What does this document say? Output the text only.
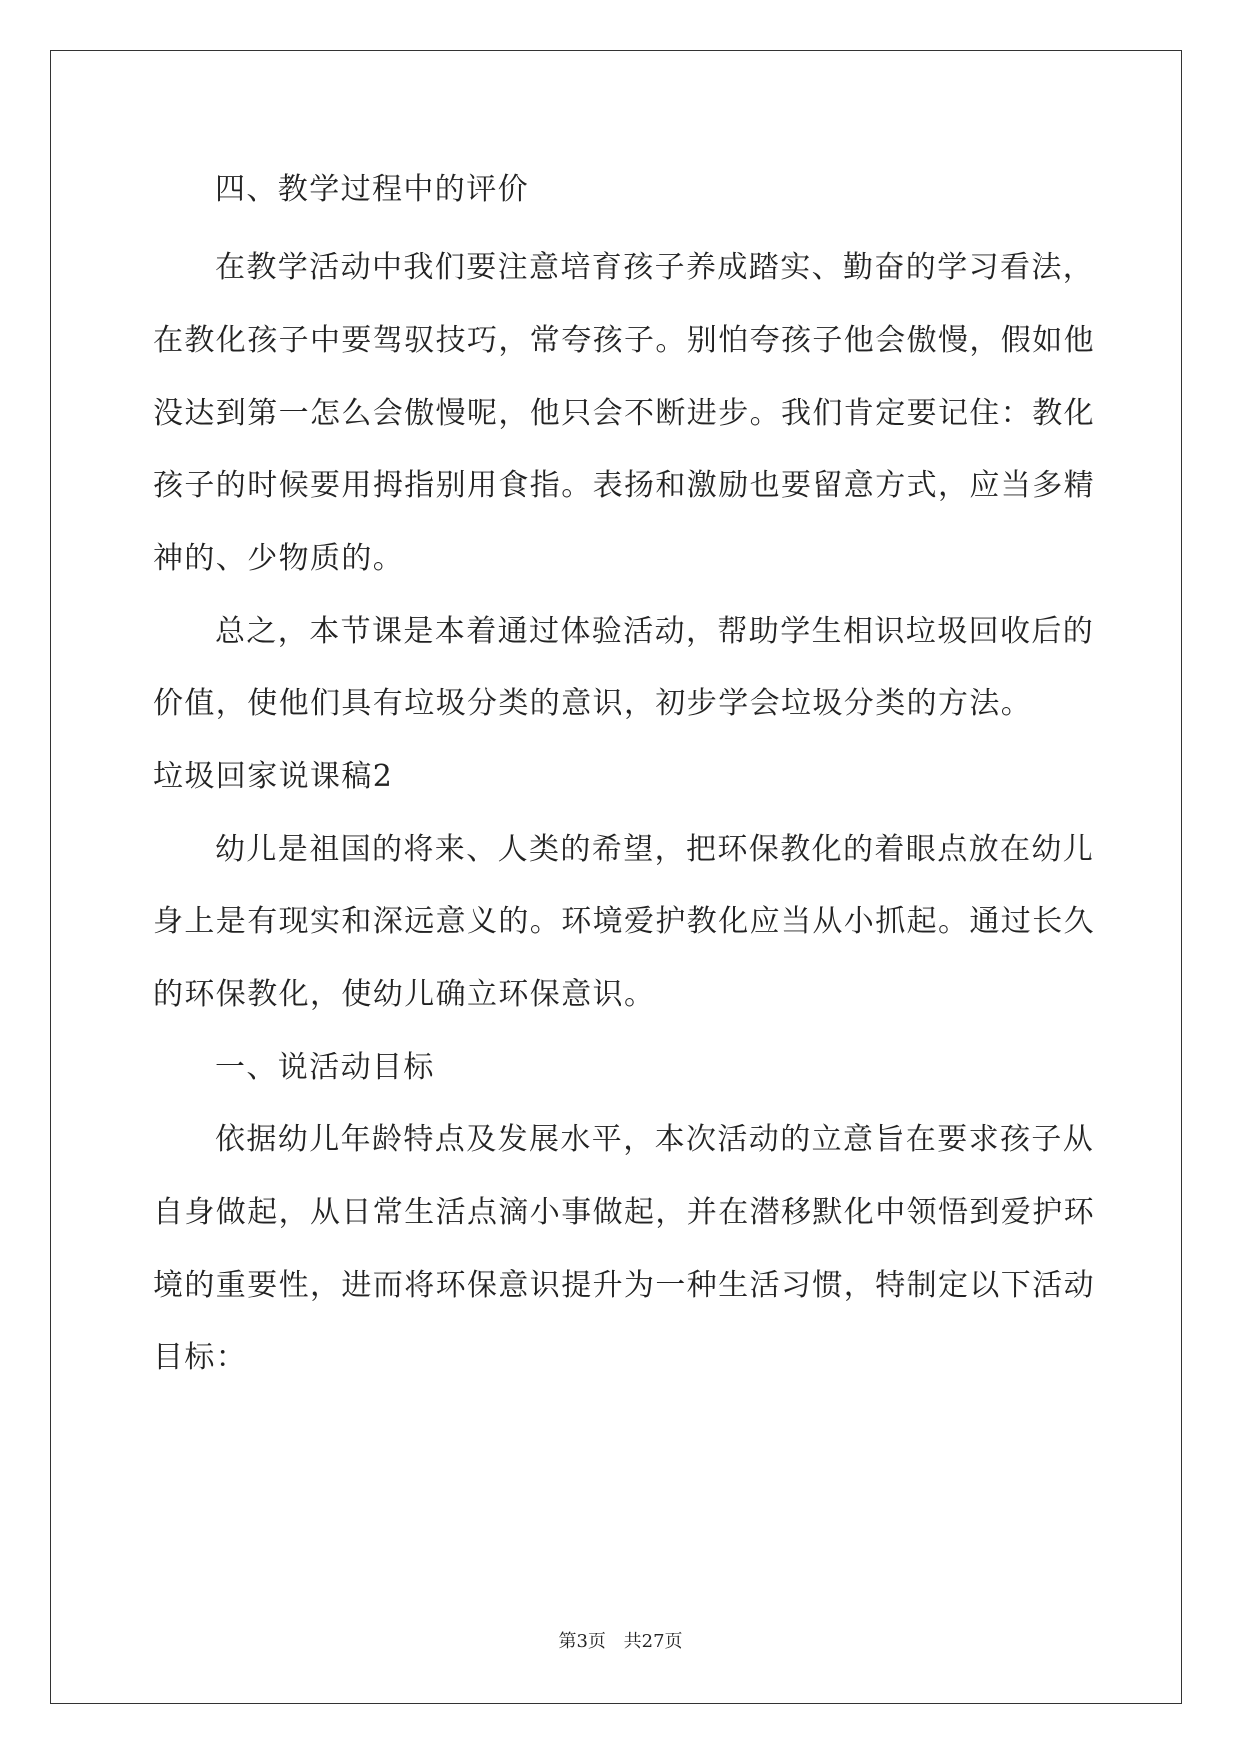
四、教学过程中的评价
在教学活动中我们要注意培育孩子养成踏实、勤奋的学习看法，
在教化孩子中要驾驭技巧，常夸孩子。别怕夸孩子他会傲慢，假如他
没达到第一怎么会傲慢呢，他只会不断进步。我们肯定要记住：教化
孩子的时候要用拇指别用食指。表扬和激励也要留意方式，应当多精
神的、少物质的。
总之，本节课是本着通过体验活动，帮助学生相识垃圾回收后的
价值，使他们具有垃圾分类的意识，初步学会垃圾分类的方法。
垃圾回家说课稿2
幼儿是祖国的将来、人类的希望，把环保教化的着眼点放在幼儿
身上是有现实和深远意义的。环境爱护教化应当从小抓起。通过长久
的环保教化，使幼儿确立环保意识。
一、说活动目标
依据幼儿年龄特点及发展水平，本次活动的立意旨在要求孩子从
自身做起，从日常生活点滴小事做起，并在潜移默化中领悟到爱护环
境的重要性，进而将环保意识提升为一种生活习惯，特制定以下活动
目标：
第3页 共27页
